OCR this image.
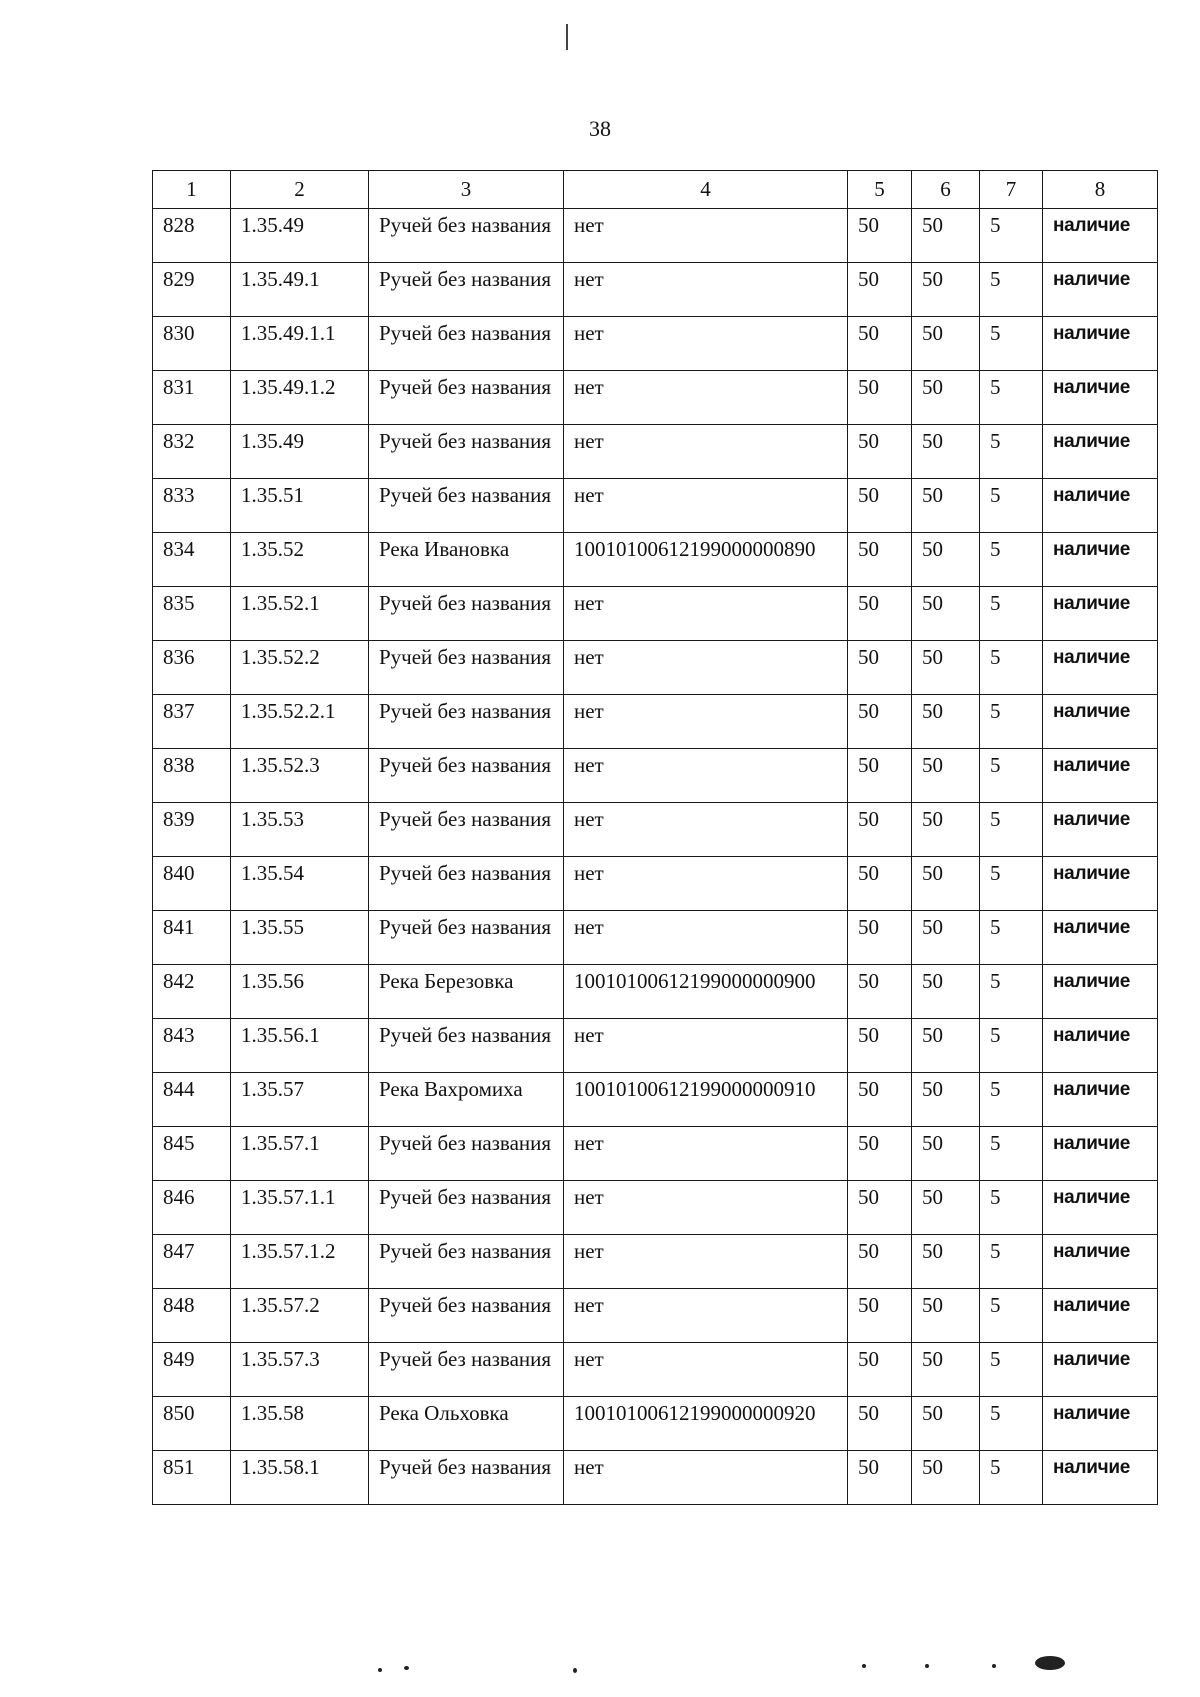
38
1	2	3	4	5	6	7	8
828	1.35.49	Ручей без названия	нет	50	50	5	наличие
829	1.35.49.1	Ручей без названия	нет	50	50	5	наличие
830	1.35.49.1.1	Ручей без названия	нет	50	50	5	наличие
831	1.35.49.1.2	Ручей без названия	нет	50	50	5	наличие
832	1.35.49	Ручей без названия	нет	50	50	5	наличие
833	1.35.51	Ручей без названия	нет	50	50	5	наличие
834	1.35.52	Река Ивановка	10010100612199000000890	50	50	5	наличие
835	1.35.52.1	Ручей без названия	нет	50	50	5	наличие
836	1.35.52.2	Ручей без названия	нет	50	50	5	наличие
837	1.35.52.2.1	Ручей без названия	нет	50	50	5	наличие
838	1.35.52.3	Ручей без названия	нет	50	50	5	наличие
839	1.35.53	Ручей без названия	нет	50	50	5	наличие
840	1.35.54	Ручей без названия	нет	50	50	5	наличие
841	1.35.55	Ручей без названия	нет	50	50	5	наличие
842	1.35.56	Река Березовка	10010100612199000000900	50	50	5	наличие
843	1.35.56.1	Ручей без названия	нет	50	50	5	наличие
844	1.35.57	Река Вахромиха	10010100612199000000910	50	50	5	наличие
845	1.35.57.1	Ручей без названия	нет	50	50	5	наличие
846	1.35.57.1.1	Ручей без названия	нет	50	50	5	наличие
847	1.35.57.1.2	Ручей без названия	нет	50	50	5	наличие
848	1.35.57.2	Ручей без названия	нет	50	50	5	наличие
849	1.35.57.3	Ручей без названия	нет	50	50	5	наличие
850	1.35.58	Река Ольховка	10010100612199000000920	50	50	5	наличие
851	1.35.58.1	Ручей без названия	нет	50	50	5	наличие
